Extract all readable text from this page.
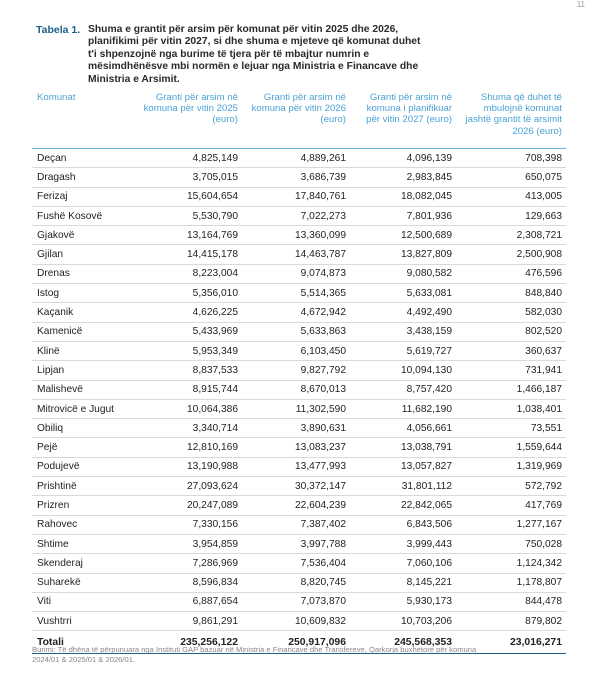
11
Tabela 1. Shuma e grantit për arsim për komunat për vitin 2025 dhe 2026, planifikimi për vitin 2027, si dhe shuma e mjeteve që komunat duhet t'i shpenzojnë nga burime të tjera për të mbajtur numrin e mësimdhënësve mbi normën e lejuar nga Ministria e Financave dhe Ministria e Arsimit.
Komunat	Granti për arsim në komuna për vitin 2025 (euro)	Granti për arsim në komuna për vitin 2026 (euro)	Granti për arsim në komuna i planifikuar për vitin 2027 (euro)	Shuma që duhet të mbulojnë komunat jashtë grantit të arsimit 2026 (euro)
Deçan	4,825,149	4,889,261	4,096,139	708,398
Dragash	3,705,015	3,686,739	2,983,845	650,075
Ferizaj	15,604,654	17,840,761	18,082,045	413,005
Fushë Kosovë	5,530,790	7,022,273	7,801,936	129,663
Gjakovë	13,164,769	13,360,099	12,500,689	2,308,721
Gjilan	14,415,178	14,463,787	13,827,809	2,500,908
Drenas	8,223,004	9,074,873	9,080,582	476,596
Istog	5,356,010	5,514,365	5,633,081	848,840
Kaçanik	4,626,225	4,672,942	4,492,490	582,030
Kamenicë	5,433,969	5,633,863	3,438,159	802,520
Klinë	5,953,349	6,103,450	5,619,727	360,637
Lipjan	8,837,533	9,827,792	10,094,130	731,941
Malishevë	8,915,744	8,670,013	8,757,420	1,466,187
Mitrovicë e Jugut	10,064,386	11,302,590	11,682,190	1,038,401
Obiliq	3,340,714	3,890,631	4,056,661	73,551
Pejë	12,810,169	13,083,237	13,038,791	1,559,644
Podujevë	13,190,988	13,477,993	13,057,827	1,319,969
Prishtinë	27,093,624	30,372,147	31,801,112	572,792
Prizren	20,247,089	22,604,239	22,842,065	417,769
Rahovec	7,330,156	7,387,402	6,843,506	1,277,167
Shtime	3,954,859	3,997,788	3,999,443	750,028
Skenderaj	7,286,969	7,536,404	7,060,106	1,124,342
Suharekë	8,596,834	8,820,745	8,145,221	1,178,807
Viti	6,887,654	7,073,870	5,930,173	844,478
Vushtrri	9,861,291	10,609,832	10,703,206	879,802
Totali	235,256,122	250,917,096	245,568,353	23,016,271
Burimi: Të dhëna të përpunuara nga Instituti GAP bazuar në Ministria e Financave dhe Transfereve, Qarkorja buxhetore për komuna 2024/01 & 2025/01 & 2026/01.
